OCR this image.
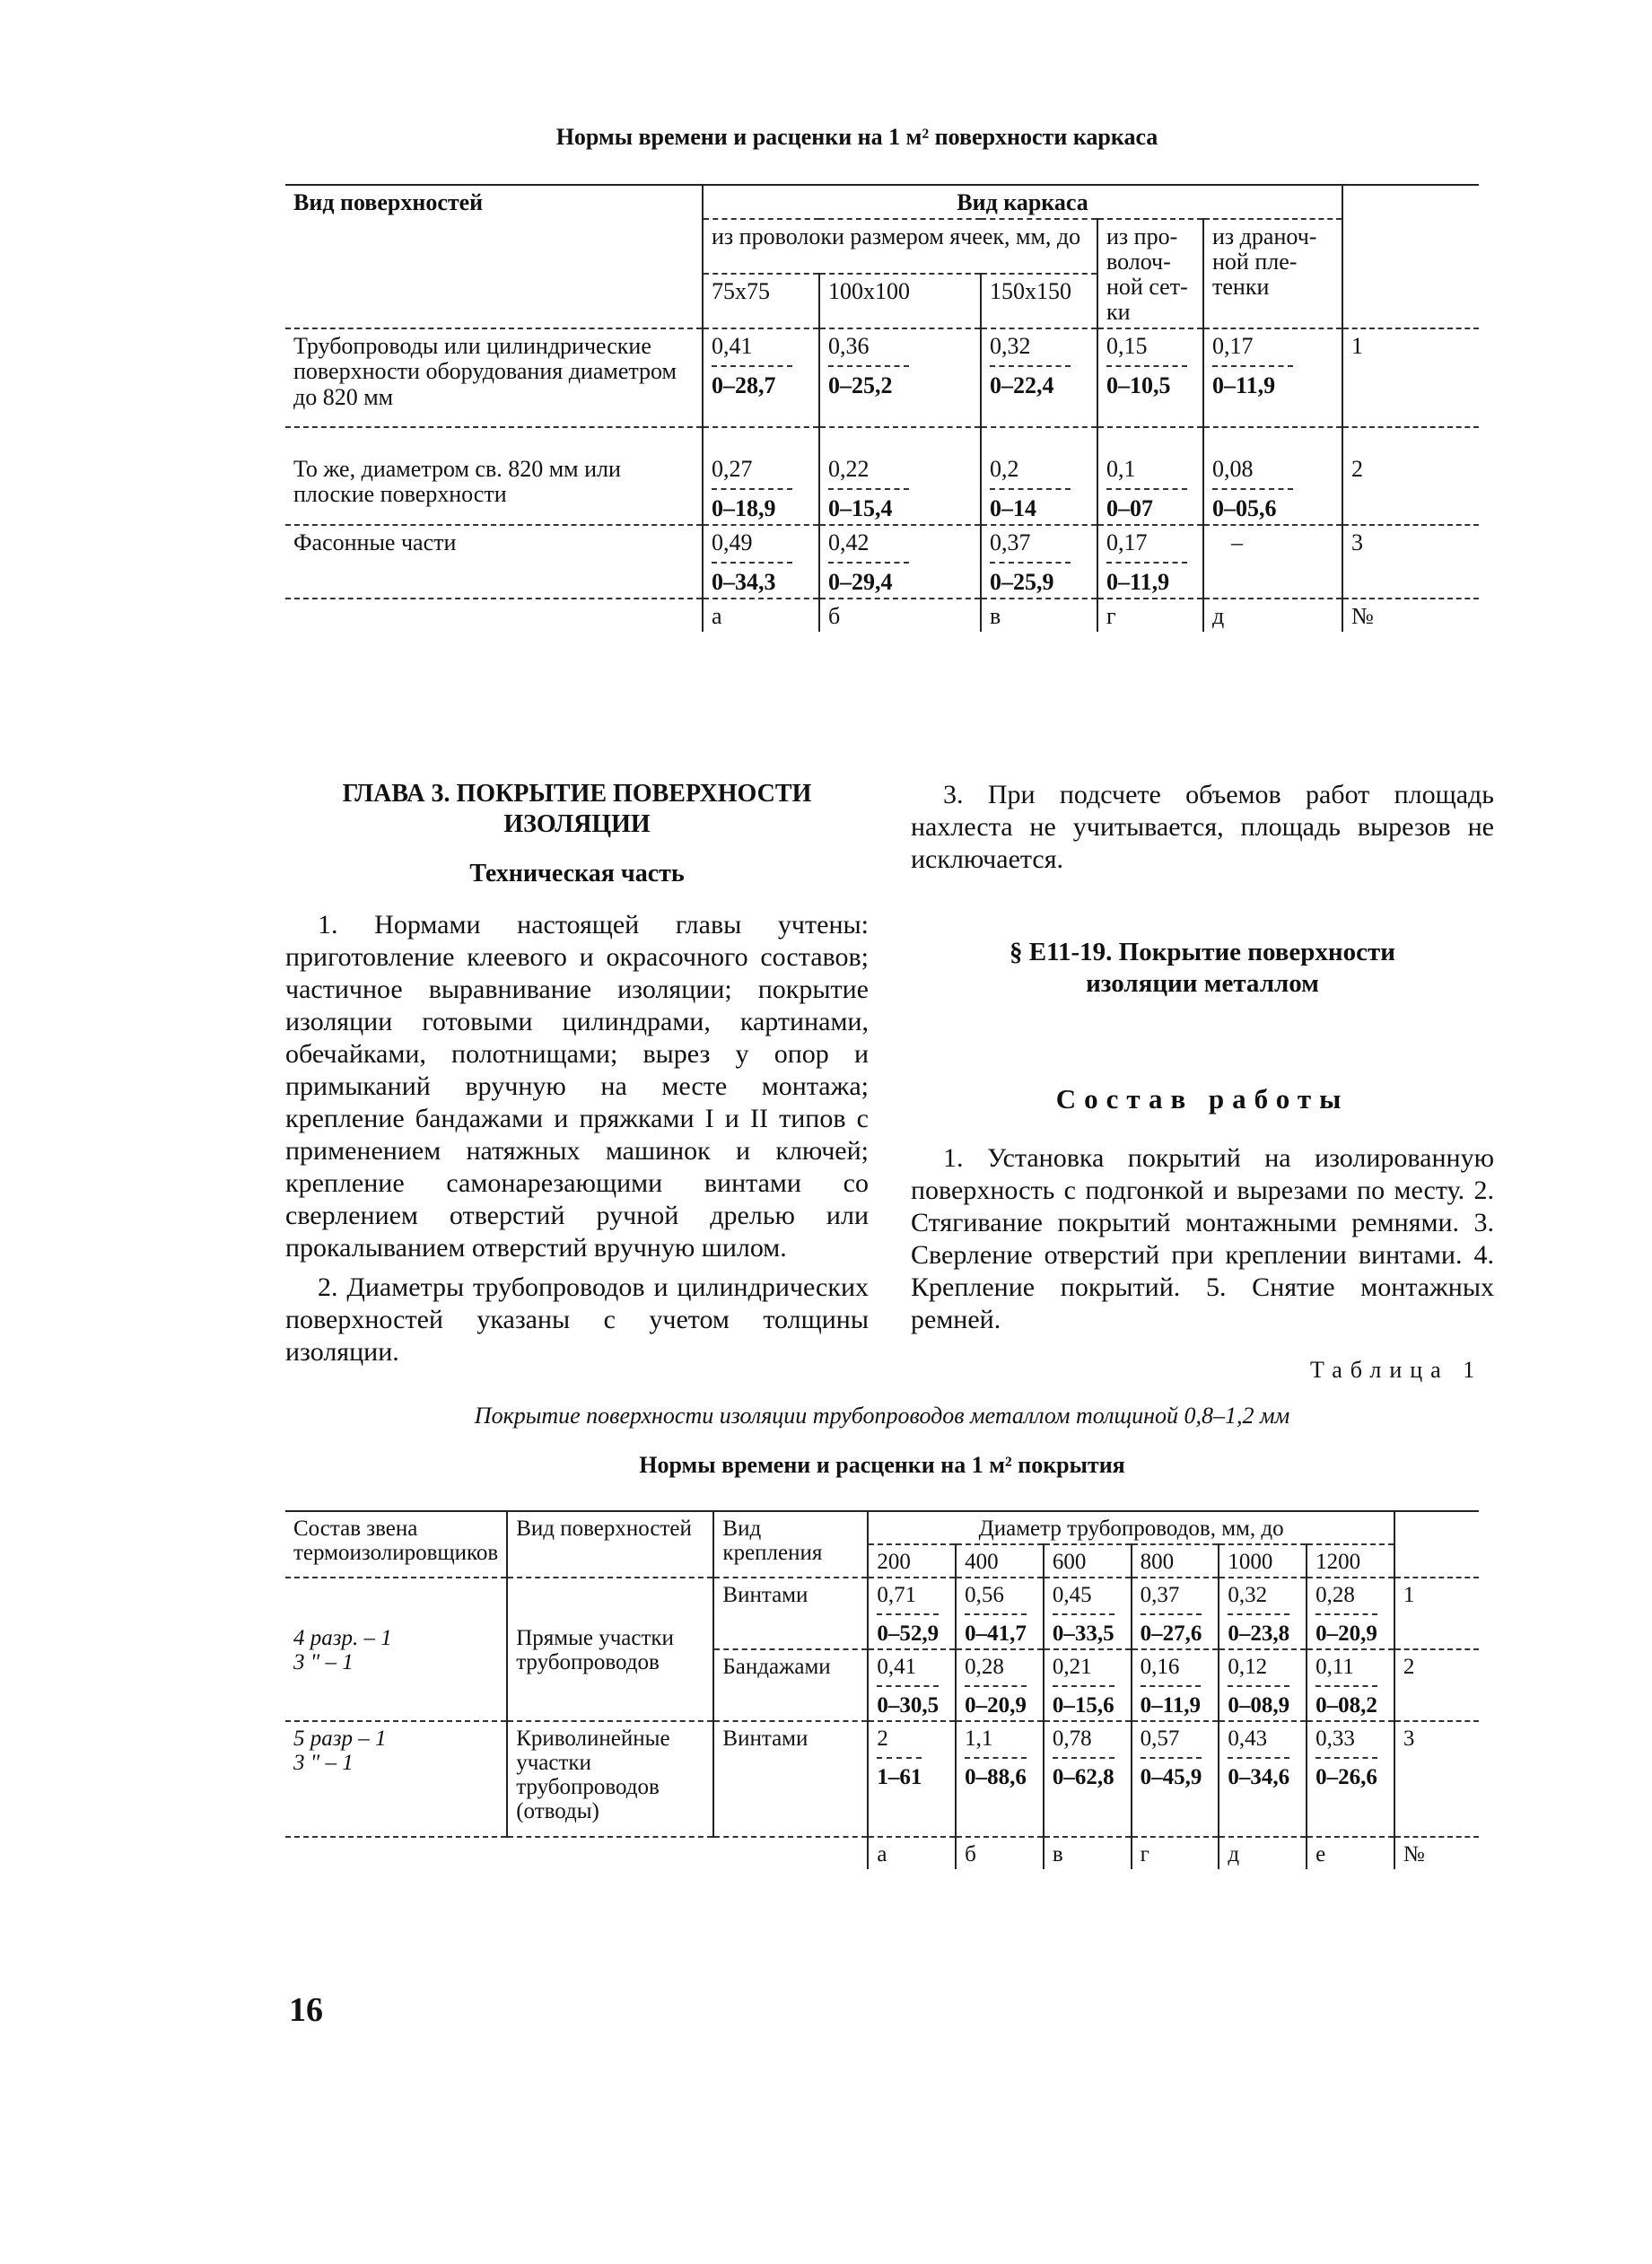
Нормы времени и расценки на 1 м² поверхности каркаса
Вид поверхностей	Вид каркаса					
	из проволоки размером ячеек, мм, до			из про-волоч-ной сет-ки	из драноч-ной пле-тенки	
	75х75	100х100	150х150			
Трубопроводы или цилиндрические поверхности оборудования диаметром до 820 мм	$\frac{0,41}{0-28,7}$	$\frac{0,36}{0-25,2}$	$\frac{0,32}{0-22,4}$	$\frac{0,15}{0-10,5}$	$\frac{0,17}{0-11,9}$	1
То же, диаметром св. 820 мм или плоские поверхности	$\frac{0,27}{0-18,9}$	$\frac{0,22}{0-15,4}$	$\frac{0,2}{0-14}$	$\frac{0,1}{0-07}$	$\frac{0,08}{0-05,6}$	2
Фасонные части	$\frac{0,49}{0-34,3}$	$\frac{0,42}{0-29,4}$	$\frac{0,37}{0-25,9}$	$\frac{0,17}{0-11,9}$	–	3
	а	б	в	г	д	№
ГЛАВА 3. ПОКРЫТИЕ ПОВЕРХНОСТИ
ИЗОЛЯЦИИ
Техническая часть

1. Нормами настоящей главы учтены: приготовление клеевого и окрасочного составов; частичное выравнивание изоляции; покрытие изоляции готовыми цилиндрами, картинами, обечайками, полотнищами; вырез у опор и примыканий вручную на месте монтажа; крепление бандажами и пряжками I и II типов с применением натяжных машинок и ключей; крепление самонарезающими винтами со сверлением отверстий ручной дрелью или прокалыванием отверстий вручную шилом.

2. Диаметры трубопроводов и цилиндрических поверхностей указаны с учетом толщины изоляции.

3. При подсчете объемов работ площадь нахлеста не учитывается, площадь вырезов не исключается.

§ Е11-19. Покрытие поверхности
изоляции металлом
Состав работы

1. Установка покрытий на изолированную поверхность с подгонкой и вырезами по месту. 2. Стягивание покрытий монтажными ремнями. 3. Сверление отверстий при креплении винтами. 4. Крепление покрытий. 5. Снятие монтажных ремней.

Таблица 1
Покрытие поверхности изоляции трубопроводов металлом толщиной 0,8–1,2 мм
Нормы времени и расценки на 1 м² покрытия
Состав звена термоизолировщиков	Вид поверхностей	Вид крепления	Диаметр трубопроводов, мм, до						
			200	400	600	800	1000	1200	
4 разр. – 1
3 " – 1	Прямые участки трубопроводов	Винтами	$\frac{0,71}{0-52,9}$	$\frac{0,56}{0-41,7}$	$\frac{0,45}{0-33,5}$	$\frac{0,37}{0-27,6}$	$\frac{0,32}{0-23,8}$	$\frac{0,28}{0-20,9}$	1
		Бандажами	$\frac{0,41}{0-30,5}$	$\frac{0,28}{0-20,9}$	$\frac{0,21}{0-15,6}$	$\frac{0,16}{0-11,9}$	$\frac{0,12}{0-08,9}$	$\frac{0,11}{0-08,2}$	2

5 разр – 1
3 " – 1	Криволинейные участки трубопроводов (отводы)	Винтами	$\frac{2}{1-61}$	$\frac{1,1}{0-88,6}$	$\frac{0,78}{0-62,8}$	$\frac{0,57}{0-45,9}$	$\frac{0,43}{0-34,6}$	$\frac{0,33}{0-26,6}$	3
			а	б	в	г	д	е	№
16
